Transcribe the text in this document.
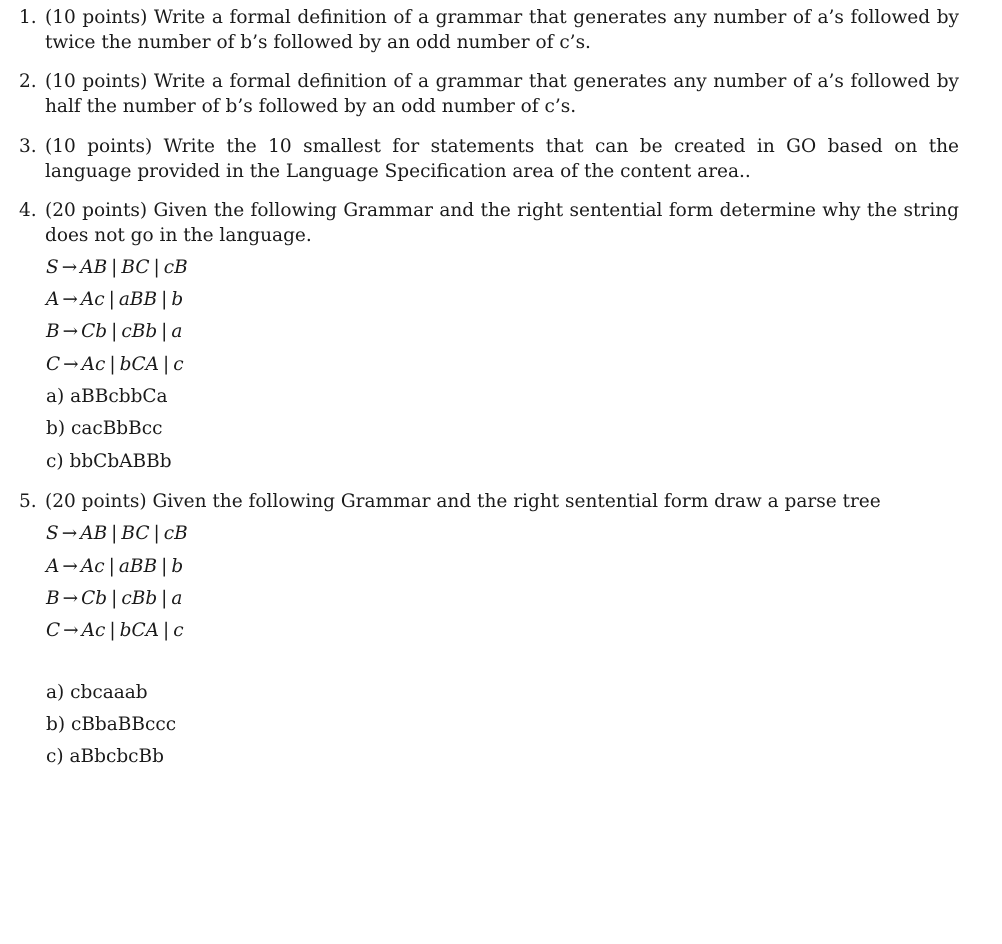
1. (10 points) Write a formal definition of a grammar that generates any number of a’s followed by twice the number of b’s followed by an odd number of c’s.
2. (10 points) Write a formal definition of a grammar that generates any number of a’s followed by half the number of b’s followed by an odd number of c’s.
3. (10 points) Write the 10 smallest for statements that can be created in GO based on the language provided in the Language Specification area of the content area..
4. (20 points) Given the following Grammar and the right sentential form determine why the string does not go in the language.
S → AB | BC | cB
A → Ac | aBB | b
B → Cb | cBb | a
C → Ac | bCA | c
a) aBBcbbCa
b) cacBbBcc
c) bbCbABBb
5. (20 points) Given the following Grammar and the right sentential form draw a parse tree
S → AB | BC | cB
A → Ac | aBB | b
B → Cb | cBb | a
C → Ac | bCA | c
a) cbcaaab
b) cBbaBBccc
c) aBbcbcBb
